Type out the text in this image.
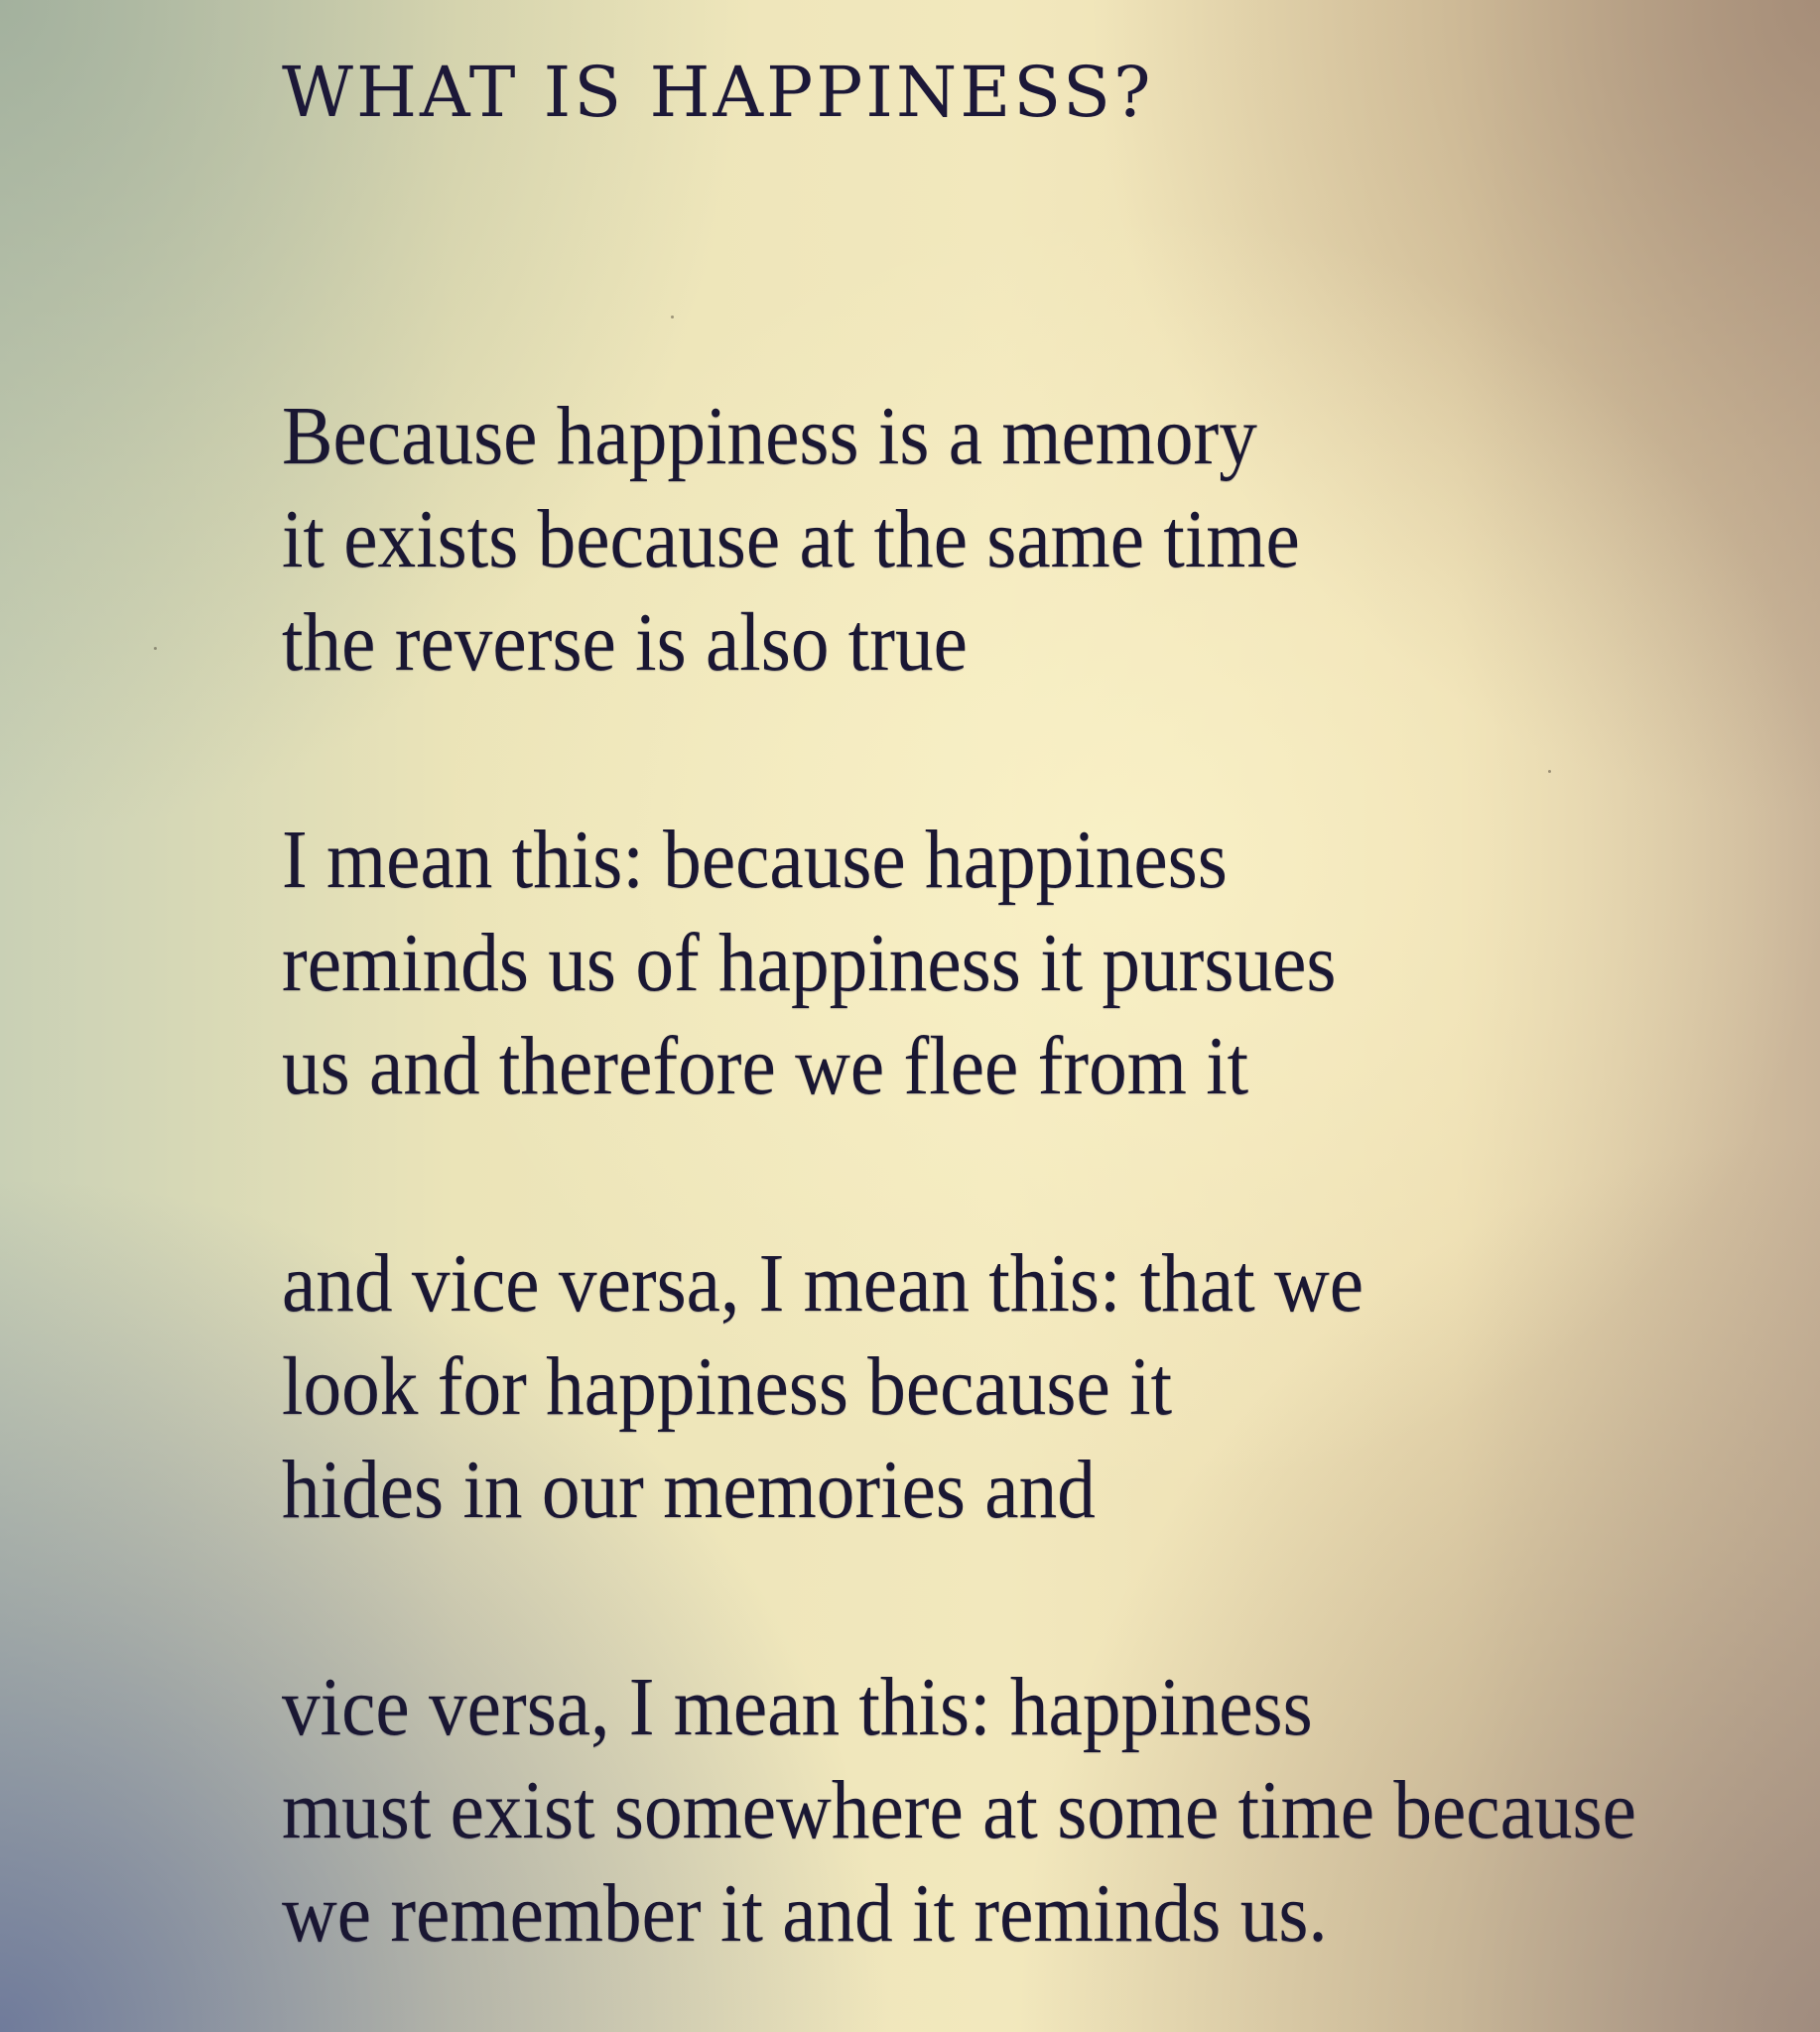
WHAT IS HAPPINESS?

Because happiness is a memory
it exists because at the same time
the reverse is also true

I mean this: because happiness
reminds us of happiness it pursues
us and therefore we flee from it

and vice versa, I mean this: that we
look for happiness because it
hides in our memories and

vice versa, I mean this: happiness
must exist somewhere at some time because
we remember it and it reminds us.
